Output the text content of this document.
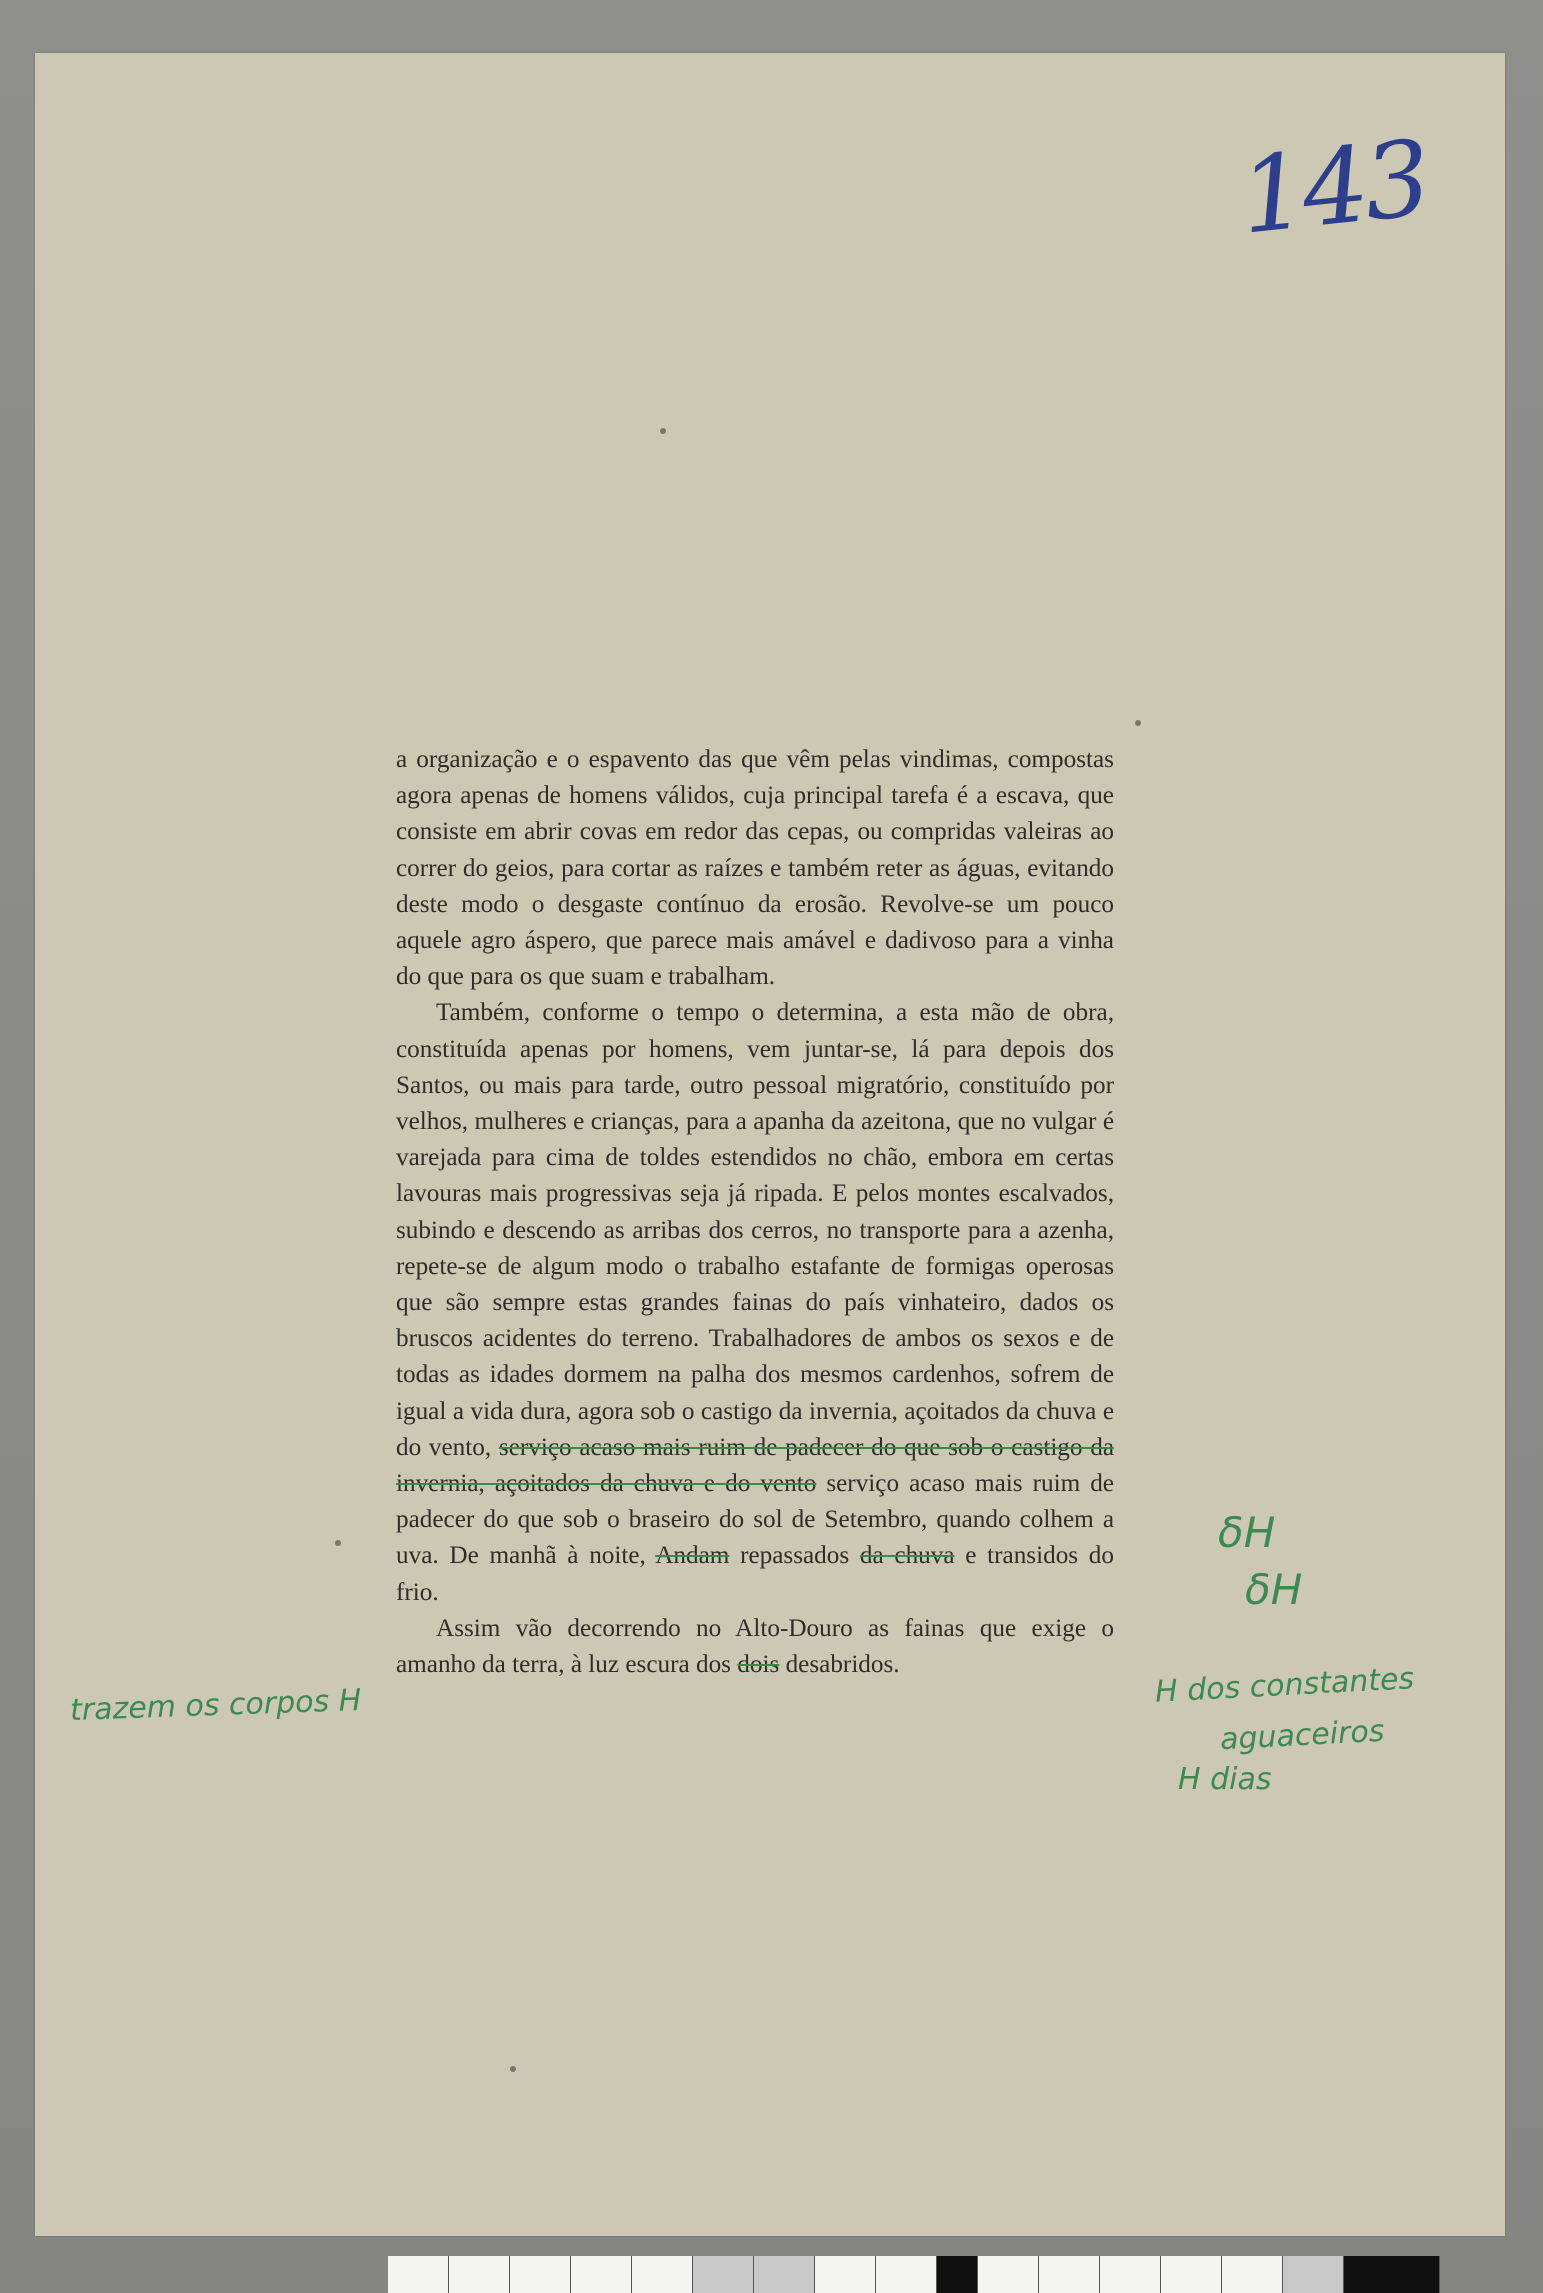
143

a organização e o espavento das que vêm pelas vindimas, compostas agora apenas de homens válidos, cuja principal tarefa é a escava, que consiste em abrir covas em redor das cepas, ou compridas valeiras ao correr do geios, para cortar as raízes e também reter as águas, evitando deste modo o desgaste contínuo da erosão. Revolve-se um pouco aquele agro áspero, que parece mais amável e dadivoso para a vinha do que para os que suam e trabalham.

Também, conforme o tempo o determina, a esta mão de obra, constituída apenas por homens, vem juntar-se, lá para depois dos Santos, ou mais para tarde, outro pessoal migratório, constituído por velhos, mulheres e crianças, para a apanha da azeitona, que no vulgar é varejada para cima de toldes estendidos no chão, embora em certas lavouras mais progressivas seja já ripada. E pelos montes escalvados, subindo e descendo as arribas dos cerros, no transporte para a azenha, repete-se de algum modo o trabalho estafante de formigas operosas que são sempre estas grandes fainas do país vinhateiro, dados os bruscos acidentes do terreno. Trabalhadores de ambos os sexos e de todas as idades dormem na palha dos mesmos cardenhos, sofrem de igual a vida dura, agora sob o castigo da invernia, açoitados da chuva e do vento, serviço acaso mais ruim de padecer do que sob o castigo da invernia, açoitados da chuva e do vento serviço acaso mais ruim de padecer do que sob o braseiro do sol de Setembro, quando colhem a uva. De manhã à noite, Andam repassados da chuva e transidos do frio.

Assim vão decorrendo no Alto-Douro as fainas que exige o amanho da terra, à luz escura dos dois desabridos.

trazem os corpos H
δH
δH
H dos constantes
aguaceiros
H dias
